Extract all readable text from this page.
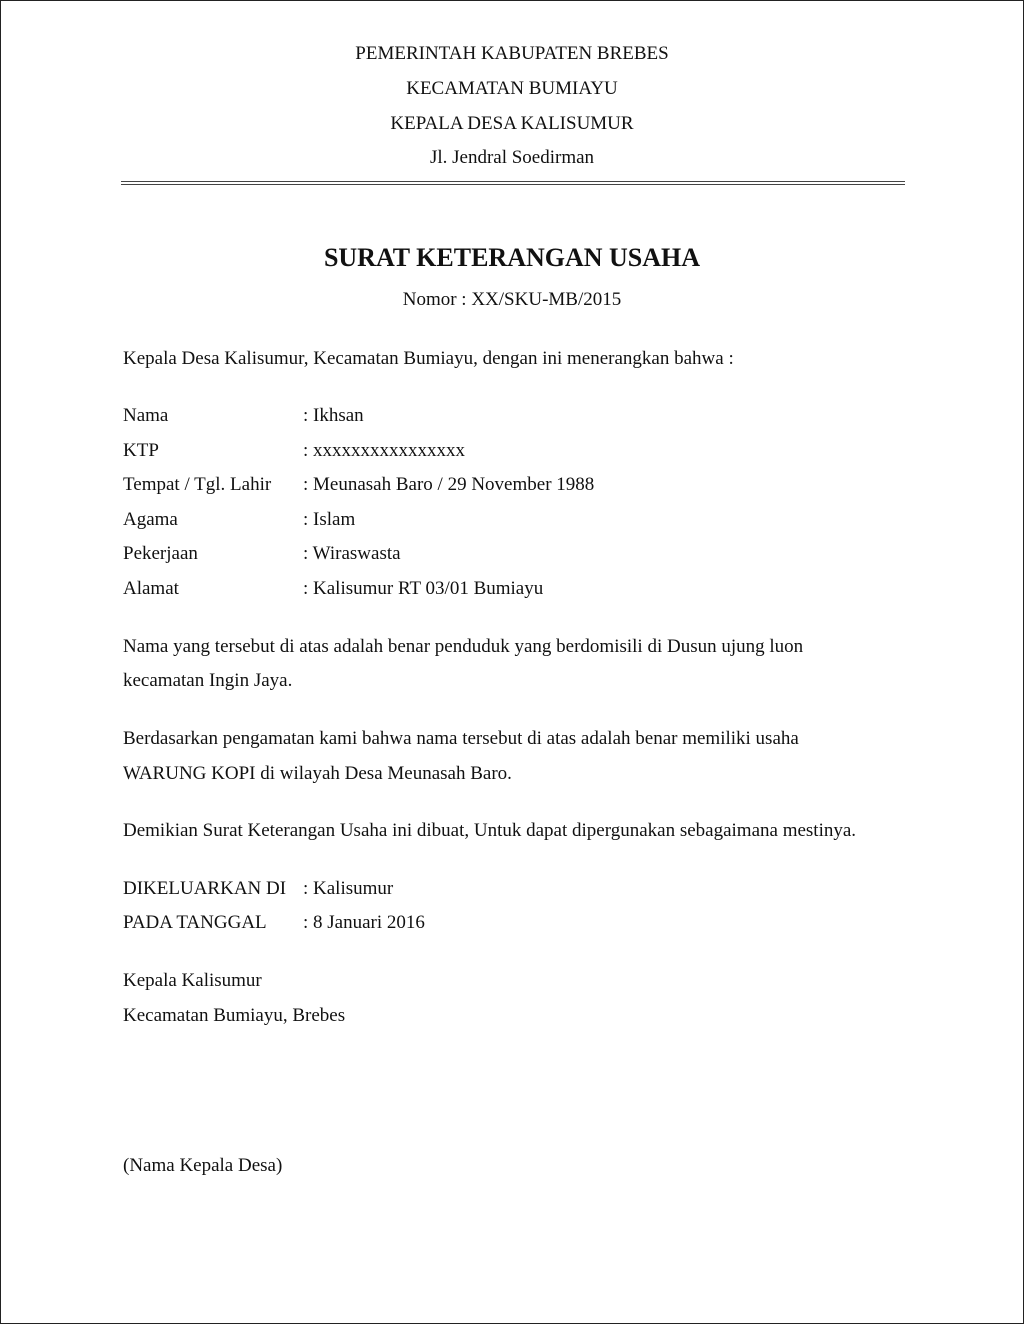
PEMERINTAH KABUPATEN BREBES
KECAMATAN BUMIAYU
KEPALA DESA KALISUMUR
Jl. Jendral Soedirman
SURAT KETERANGAN USAHA
Nomor : XX/SKU-MB/2015
Kepala Desa Kalisumur, Kecamatan Bumiayu, dengan ini menerangkan bahwa :
Nama	: Ikhsan
KTP	: xxxxxxxxxxxxxxxx
Tempat / Tgl. Lahir : Meunasah Baro / 29 November 1988
Agama	: Islam
Pekerjaan	: Wiraswasta
Alamat	: Kalisumur RT 03/01 Bumiayu
Nama yang tersebut di atas adalah benar penduduk yang berdomisili di Dusun ujung luon
kecamatan Ingin Jaya.
Berdasarkan pengamatan kami bahwa nama tersebut di atas adalah benar memiliki usaha
WARUNG KOPI di wilayah Desa Meunasah Baro.
Demikian Surat Keterangan Usaha ini dibuat, Untuk dapat dipergunakan sebagaimana mestinya.
DIKELUARKAN DI : Kalisumur
PADA TANGGAL : 8 Januari 2016
Kepala Kalisumur
Kecamatan Bumiayu, Brebes
(Nama Kepala Desa)
